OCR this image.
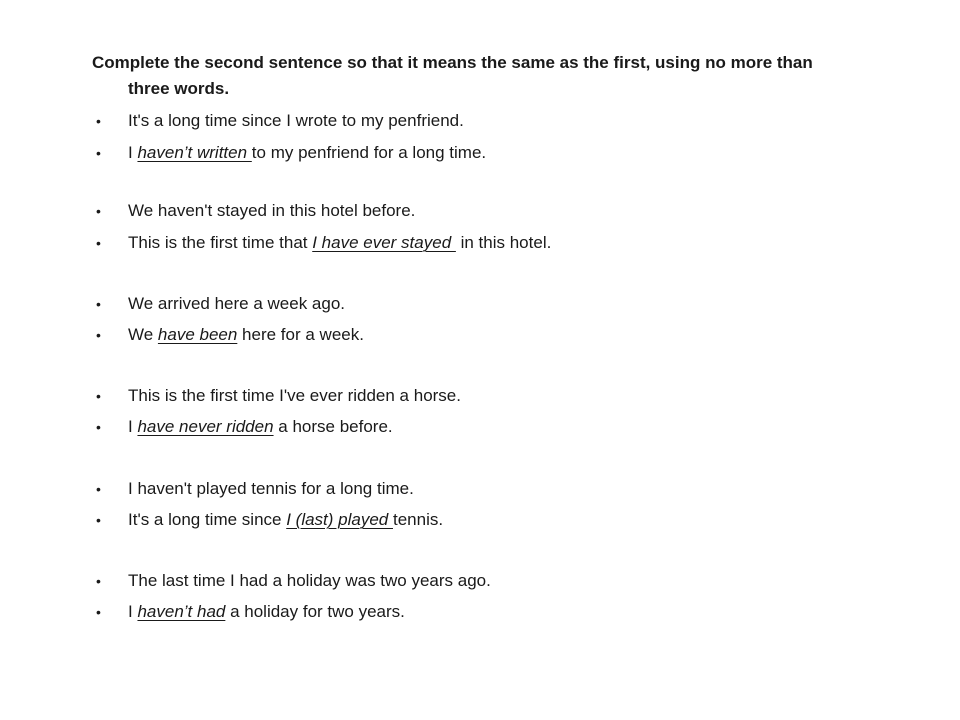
Complete the second sentence so that it means the same as the first, using no more than
three words.
•	It's a long time since I wrote to my penfriend.
•	I haven’t written to my penfriend for a long time.
•	We haven't stayed in this hotel before.
•	This is the first time that I have ever stayed  in this hotel.
•	We arrived here a week ago.
•	We have been here for a week.
•	This is the first time I've ever ridden a horse.
•	I have never ridden a horse before.
•	I haven't played tennis for a long time.
•	It's a long time since I (last) played tennis.
•	The last time I had a holiday was two years ago.
•	I haven’t had a holiday for two years.
